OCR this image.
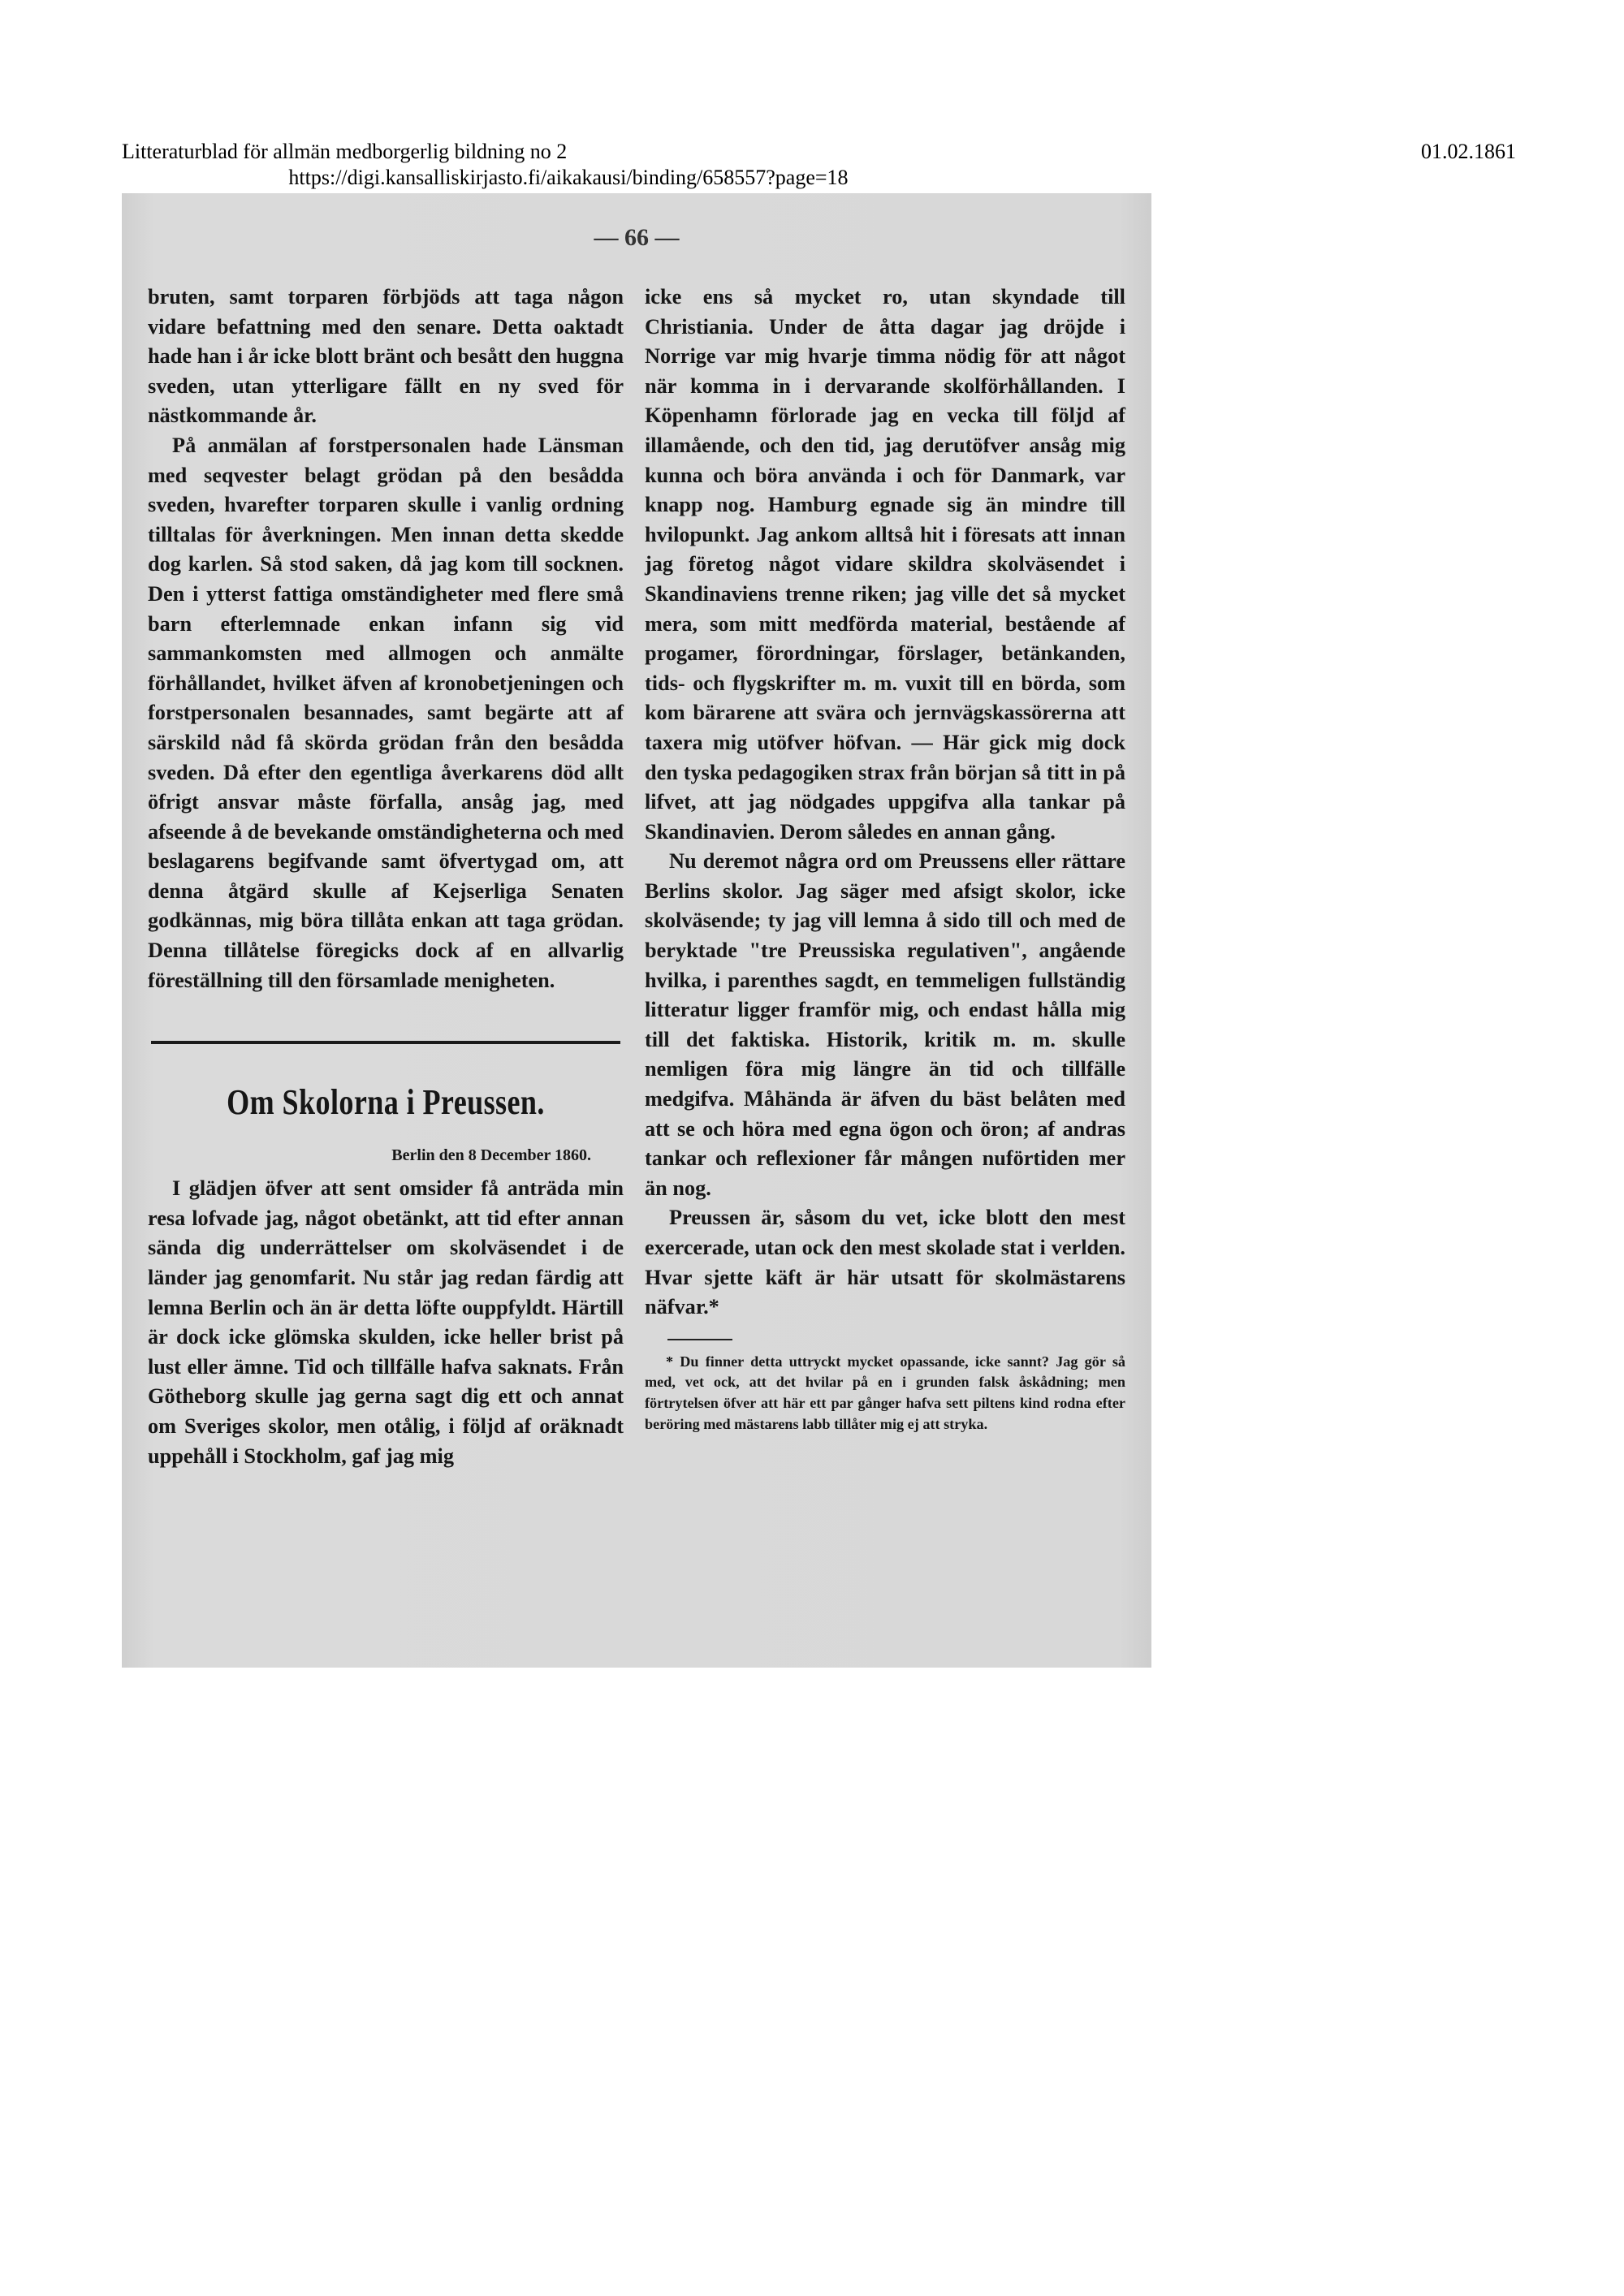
Litteraturblad för allmän medborgerlig bildning no 2	01.02.1861
https://digi.kansalliskirjasto.fi/aikakausi/binding/658557?page=18
— 66 —

bruten, samt torparen förbjöds att taga någon vidare befattning med den senare. Detta oaktadt hade han i år icke blott bränt och besått den huggna sveden, utan ytterligare fällt en ny sved för nästkommande år.

På anmälan af forstpersonalen hade Länsman med seqvester belagt grödan på den besådda sveden, hvarefter torparen skulle i vanlig ordning tilltalas för åverkningen. Men innan detta skedde dog karlen. Så stod saken, då jag kom till socknen. Den i ytterst fattiga omständigheter med flere små barn efterlemnade enkan infann sig vid sammankomsten med allmogen och anmälte förhållandet, hvilket äfven af kronobetjeningen och forstpersonalen besannades, samt begärte att af särskild nåd få skörda grödan från den besådda sveden. Då efter den egentliga åverkarens död allt öfrigt ansvar måste förfalla, ansåg jag, med afseende å de bevekande omständigheterna och med beslagarens begifvande samt öfvertygad om, att denna åtgärd skulle af Kejserliga Senaten godkännas, mig böra tillåta enkan att taga grödan. Denna tillåtelse föregicks dock af en allvarlig föreställning till den församlade menigheten.

Om Skolorna i Preussen.
Berlin den 8 December 1860.

I glädjen öfver att sent omsider få anträda min resa lofvade jag, något obetänkt, att tid efter annan sända dig underrättelser om skolväsendet i de länder jag genomfarit. Nu står jag redan färdig att lemna Berlin och än är detta löfte ouppfyldt. Härtill är dock icke glömska skulden, icke heller brist på lust eller ämne. Tid och tillfälle hafva saknats. Från Götheborg skulle jag gerna sagt dig ett och annat om Sveriges skolor, men otålig, i följd af oräknadt uppehåll i Stockholm, gaf jag mig

icke ens så mycket ro, utan skyndade till Christiania. Under de åtta dagar jag dröjde i Norrige var mig hvarje timma nödig för att något när komma in i dervarande skolförhållanden. I Köpenhamn förlorade jag en vecka till följd af illamående, och den tid, jag derutöfver ansåg mig kunna och böra använda i och för Danmark, var knapp nog. Hamburg egnade sig än mindre till hvilopunkt. Jag ankom alltså hit i föresats att innan jag företog något vidare skildra skolväsendet i Skandinaviens trenne riken; jag ville det så mycket mera, som mitt medförda material, bestående af progamer, förordningar, förslager, betänkanden, tids- och flygskrifter m. m. vuxit till en börda, som kom bärarene att svära och jernvägskassörerna att taxera mig utöfver höfvan. — Här gick mig dock den tyska pedagogiken strax från början så titt in på lifvet, att jag nödgades uppgifva alla tankar på Skandinavien. Derom således en annan gång.

Nu deremot några ord om Preussens eller rättare Berlins skolor. Jag säger med afsigt skolor, icke skolväsende; ty jag vill lemna å sido till och med de beryktade "tre Preussiska regulativen", angående hvilka, i parenthes sagdt, en temmeligen fullständig litteratur ligger framför mig, och endast hålla mig till det faktiska. Historik, kritik m. m. skulle nemligen föra mig längre än tid och tillfälle medgifva. Måhända är äfven du bäst belåten med att se och höra med egna ögon och öron; af andras tankar och reflexioner får mången nuförtiden mer än nog.

Preussen är, såsom du vet, icke blott den mest exercerade, utan ock den mest skolade stat i verlden. Hvar sjette käft är här utsatt för skolmästarens näfvar.*

* Du finner detta uttryckt mycket opassande, icke sannt? Jag gör så med, vet ock, att det hvilar på en i grunden falsk åskådning; men förtrytelsen öfver att här ett par gånger hafva sett piltens kind rodna efter beröring med mästarens labb tillåter mig ej att stryka.
